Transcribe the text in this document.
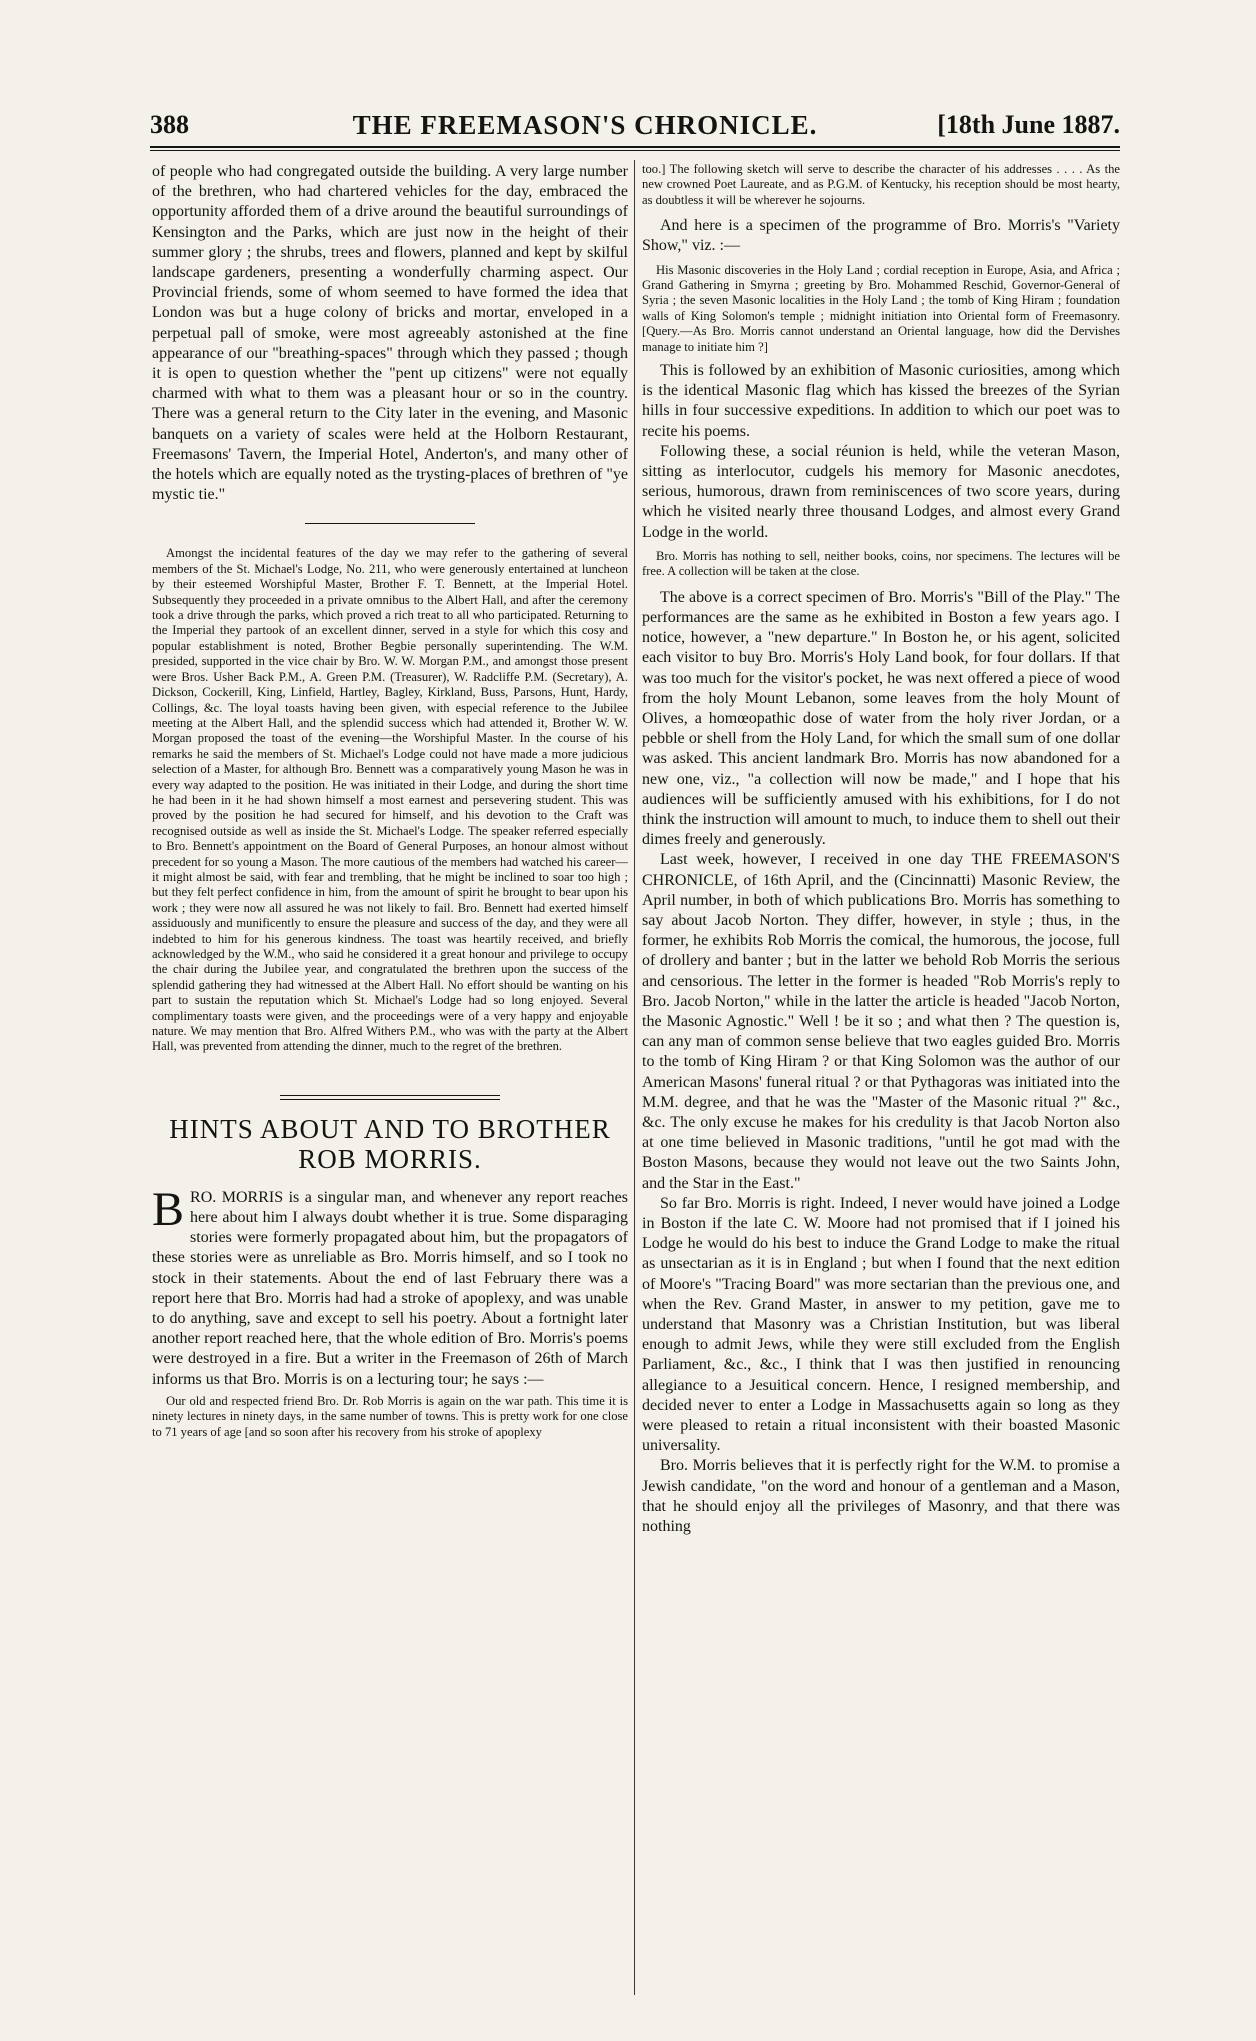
388	THE FREEMASON'S CHRONICLE.	[18th June 1887.

of people who had congregated outside the building. A very large number of the brethren, who had chartered vehicles for the day, embraced the opportunity afforded them of a drive around the beautiful surroundings of Kensington and the Parks, which are just now in the height of their summer glory ; the shrubs, trees and flowers, planned and kept by skilful landscape gardeners, presenting a wonderfully charming aspect. Our Provincial friends, some of whom seemed to have formed the idea that London was but a huge colony of bricks and mortar, enveloped in a perpetual pall of smoke, were most agreeably astonished at the fine appearance of our "breathing-spaces" through which they passed ; though it is open to question whether the "pent up citizens" were not equally charmed with what to them was a pleasant hour or so in the country. There was a general return to the City later in the evening, and Masonic banquets on a variety of scales were held at the Holborn Restaurant, Freemasons' Tavern, the Imperial Hotel, Anderton's, and many other of the hotels which are equally noted as the trysting-places of brethren of "ye mystic tie."

Amongst the incidental features of the day we may refer to the gathering of several members of the St. Michael's Lodge, No. 211, who were generously entertained at luncheon by their esteemed Worshipful Master, Brother F. T. Bennett, at the Imperial Hotel. Subsequently they proceeded in a private omnibus to the Albert Hall, and after the ceremony took a drive through the parks, which proved a rich treat to all who participated. Returning to the Imperial they partook of an excellent dinner, served in a style for which this cosy and popular establishment is noted, Brother Begbie personally superintending. The W.M. presided, supported in the vice chair by Bro. W. W. Morgan P.M., and amongst those present were Bros. Usher Back P.M., A. Green P.M. (Treasurer), W. Radcliffe P.M. (Secretary), A. Dickson, Cockerill, King, Linfield, Hartley, Bagley, Kirkland, Buss, Parsons, Hunt, Hardy, Collings, &c. The loyal toasts having been given, with especial reference to the Jubilee meeting at the Albert Hall, and the splendid success which had attended it, Brother W. W. Morgan proposed the toast of the evening—the Worshipful Master. In the course of his remarks he said the members of St. Michael's Lodge could not have made a more judicious selection of a Master, for although Bro. Bennett was a comparatively young Mason he was in every way adapted to the position. He was initiated in their Lodge, and during the short time he had been in it he had shown himself a most earnest and persevering student. This was proved by the position he had secured for himself, and his devotion to the Craft was recognised outside as well as inside the St. Michael's Lodge. The speaker referred especially to Bro. Bennett's appointment on the Board of General Purposes, an honour almost without precedent for so young a Mason. The more cautious of the members had watched his career—it might almost be said, with fear and trembling, that he might be inclined to soar too high ; but they felt perfect confidence in him, from the amount of spirit he brought to bear upon his work ; they were now all assured he was not likely to fail. Bro. Bennett had exerted himself assiduously and munificently to ensure the pleasure and success of the day, and they were all indebted to him for his generous kindness. The toast was heartily received, and briefly acknowledged by the W.M., who said he considered it a great honour and privilege to occupy the chair during the Jubilee year, and congratulated the brethren upon the success of the splendid gathering they had witnessed at the Albert Hall. No effort should be wanting on his part to sustain the reputation which St. Michael's Lodge had so long enjoyed. Several complimentary toasts were given, and the proceedings were of a very happy and enjoyable nature. We may mention that Bro. Alfred Withers P.M., who was with the party at the Albert Hall, was prevented from attending the dinner, much to the regret of the brethren.

HINTS ABOUT AND TO BROTHER
ROB MORRIS.
B RO. MORRIS is a singular man, and whenever any report reaches here about him I always doubt whether it is true. Some disparaging stories were formerly propagated about him, but the propagators of these stories were as unreliable as Bro. Morris himself, and so I took no stock in their statements. About the end of last February there was a report here that Bro. Morris had had a stroke of apoplexy, and was unable to do anything, save and except to sell his poetry. About a fortnight later another report reached here, that the whole edition of Bro. Morris's poems were destroyed in a fire. But a writer in the Freemason of 26th of March informs us that Bro. Morris is on a lecturing tour; he says :—

Our old and respected friend Bro. Dr. Rob Morris is again on the war path. This time it is ninety lectures in ninety days, in the same number of towns. This is pretty work for one close to 71 years of age [and so soon after his recovery from his stroke of apoplexy

too.] The following sketch will serve to describe the character of his addresses . . . . As the new crowned Poet Laureate, and as P.G.M. of Kentucky, his reception should be most hearty, as doubtless it will be wherever he sojourns.

And here is a specimen of the programme of Bro. Morris's "Variety Show," viz. :—

His Masonic discoveries in the Holy Land ; cordial reception in Europe, Asia, and Africa ; Grand Gathering in Smyrna ; greeting by Bro. Mohammed Reschid, Governor-General of Syria ; the seven Masonic localities in the Holy Land ; the tomb of King Hiram ; foundation walls of King Solomon's temple ; midnight initiation into Oriental form of Freemasonry. [Query.—As Bro. Morris cannot understand an Oriental language, how did the Dervishes manage to initiate him ?]

This is followed by an exhibition of Masonic curiosities, among which is the identical Masonic flag which has kissed the breezes of the Syrian hills in four successive expeditions. In addition to which our poet was to recite his poems.

Following these, a social réunion is held, while the veteran Mason, sitting as interlocutor, cudgels his memory for Masonic anecdotes, serious, humorous, drawn from reminiscences of two score years, during which he visited nearly three thousand Lodges, and almost every Grand Lodge in the world.

Bro. Morris has nothing to sell, neither books, coins, nor specimens. The lectures will be free. A collection will be taken at the close.

The above is a correct specimen of Bro. Morris's "Bill of the Play." The performances are the same as he exhibited in Boston a few years ago. I notice, however, a "new departure." In Boston he, or his agent, solicited each visitor to buy Bro. Morris's Holy Land book, for four dollars. If that was too much for the visitor's pocket, he was next offered a piece of wood from the holy Mount Lebanon, some leaves from the holy Mount of Olives, a homœopathic dose of water from the holy river Jordan, or a pebble or shell from the Holy Land, for which the small sum of one dollar was asked. This ancient landmark Bro. Morris has now abandoned for a new one, viz., "a collection will now be made," and I hope that his audiences will be sufficiently amused with his exhibitions, for I do not think the instruction will amount to much, to induce them to shell out their dimes freely and generously.

Last week, however, I received in one day THE FREEMASON'S CHRONICLE, of 16th April, and the (Cincinnatti) Masonic Review, the April number, in both of which publications Bro. Morris has something to say about Jacob Norton. They differ, however, in style ; thus, in the former, he exhibits Rob Morris the comical, the humorous, the jocose, full of drollery and banter ; but in the latter we behold Rob Morris the serious and censorious. The letter in the former is headed "Rob Morris's reply to Bro. Jacob Norton," while in the latter the article is headed "Jacob Norton, the Masonic Agnostic." Well ! be it so ; and what then ? The question is, can any man of common sense believe that two eagles guided Bro. Morris to the tomb of King Hiram ? or that King Solomon was the author of our American Masons' funeral ritual ? or that Pythagoras was initiated into the M.M. degree, and that he was the "Master of the Masonic ritual ?" &c., &c. The only excuse he makes for his credulity is that Jacob Norton also at one time believed in Masonic traditions, "until he got mad with the Boston Masons, because they would not leave out the two Saints John, and the Star in the East."

So far Bro. Morris is right. Indeed, I never would have joined a Lodge in Boston if the late C. W. Moore had not promised that if I joined his Lodge he would do his best to induce the Grand Lodge to make the ritual as unsectarian as it is in England ; but when I found that the next edition of Moore's "Tracing Board" was more sectarian than the previous one, and when the Rev. Grand Master, in answer to my petition, gave me to understand that Masonry was a Christian Institution, but was liberal enough to admit Jews, while they were still excluded from the English Parliament, &c., &c., I think that I was then justified in renouncing allegiance to a Jesuitical concern. Hence, I resigned membership, and decided never to enter a Lodge in Massachusetts again so long as they were pleased to retain a ritual inconsistent with their boasted Masonic universality.

Bro. Morris believes that it is perfectly right for the W.M. to promise a Jewish candidate, "on the word and honour of a gentleman and a Mason, that he should enjoy all the privileges of Masonry, and that there was nothing
